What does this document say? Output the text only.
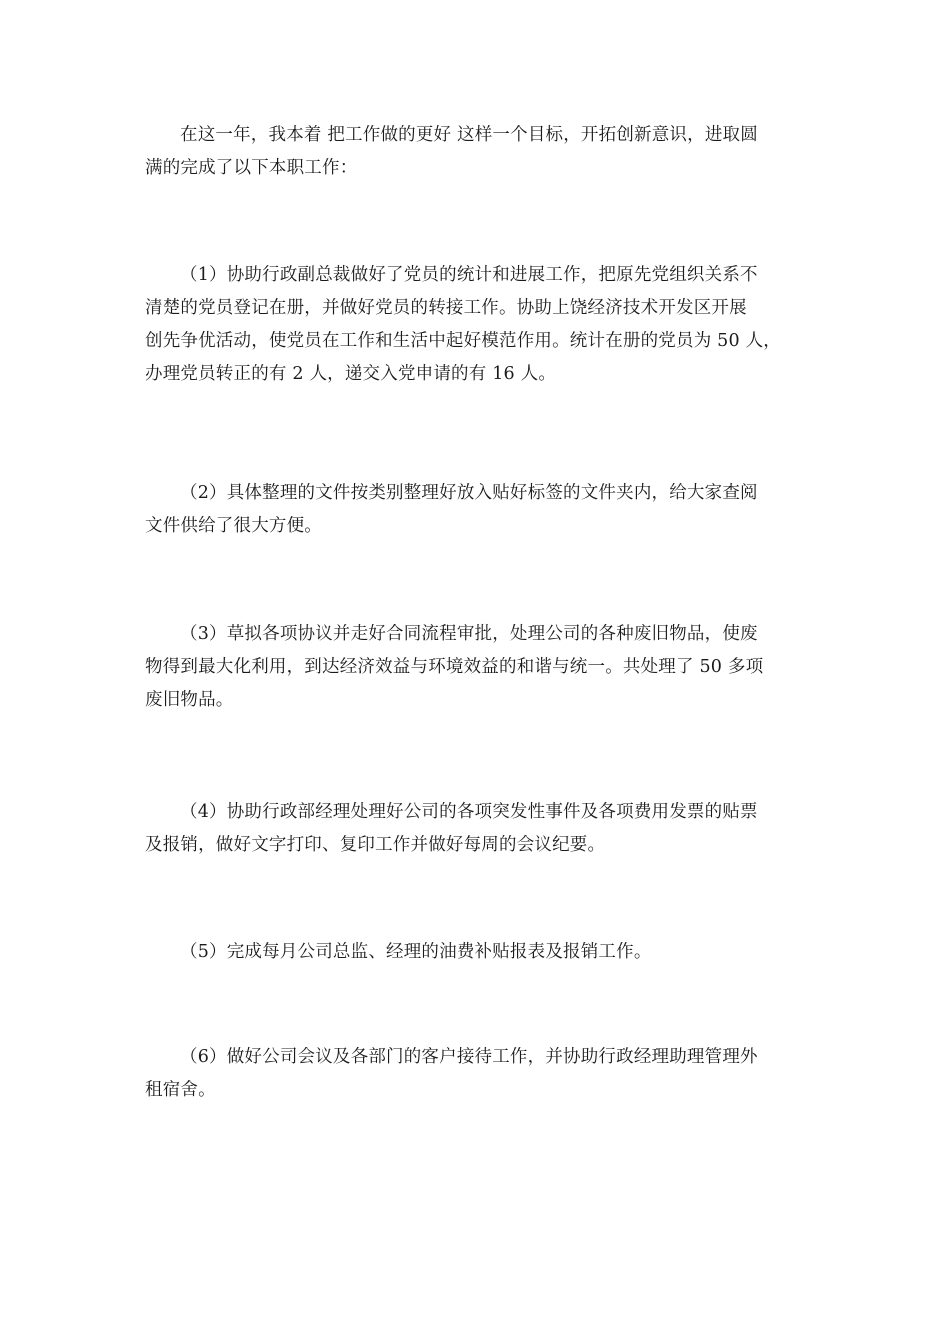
在这一年，我本着 把工作做的更好 这样一个目标，开拓创新意识，进取圆
满的完成了以下本职工作：

（1）协助行政副总裁做好了党员的统计和进展工作，把原先党组织关系不
清楚的党员登记在册，并做好党员的转接工作。协助上饶经济技术开发区开展
创先争优活动，使党员在工作和生活中起好模范作用。统计在册的党员为 50 人，
办理党员转正的有 2 人，递交入党申请的有 16 人。

（2）具体整理的文件按类别整理好放入贴好标签的文件夹内，给大家查阅
文件供给了很大方便。

（3）草拟各项协议并走好合同流程审批，处理公司的各种废旧物品，使废
物得到最大化利用，到达经济效益与环境效益的和谐与统一。共处理了 50 多项
废旧物品。

（4）协助行政部经理处理好公司的各项突发性事件及各项费用发票的贴票
及报销，做好文字打印、复印工作并做好每周的会议纪要。

（5）完成每月公司总监、经理的油费补贴报表及报销工作。

（6）做好公司会议及各部门的客户接待工作，并协助行政经理助理管理外
租宿舍。
